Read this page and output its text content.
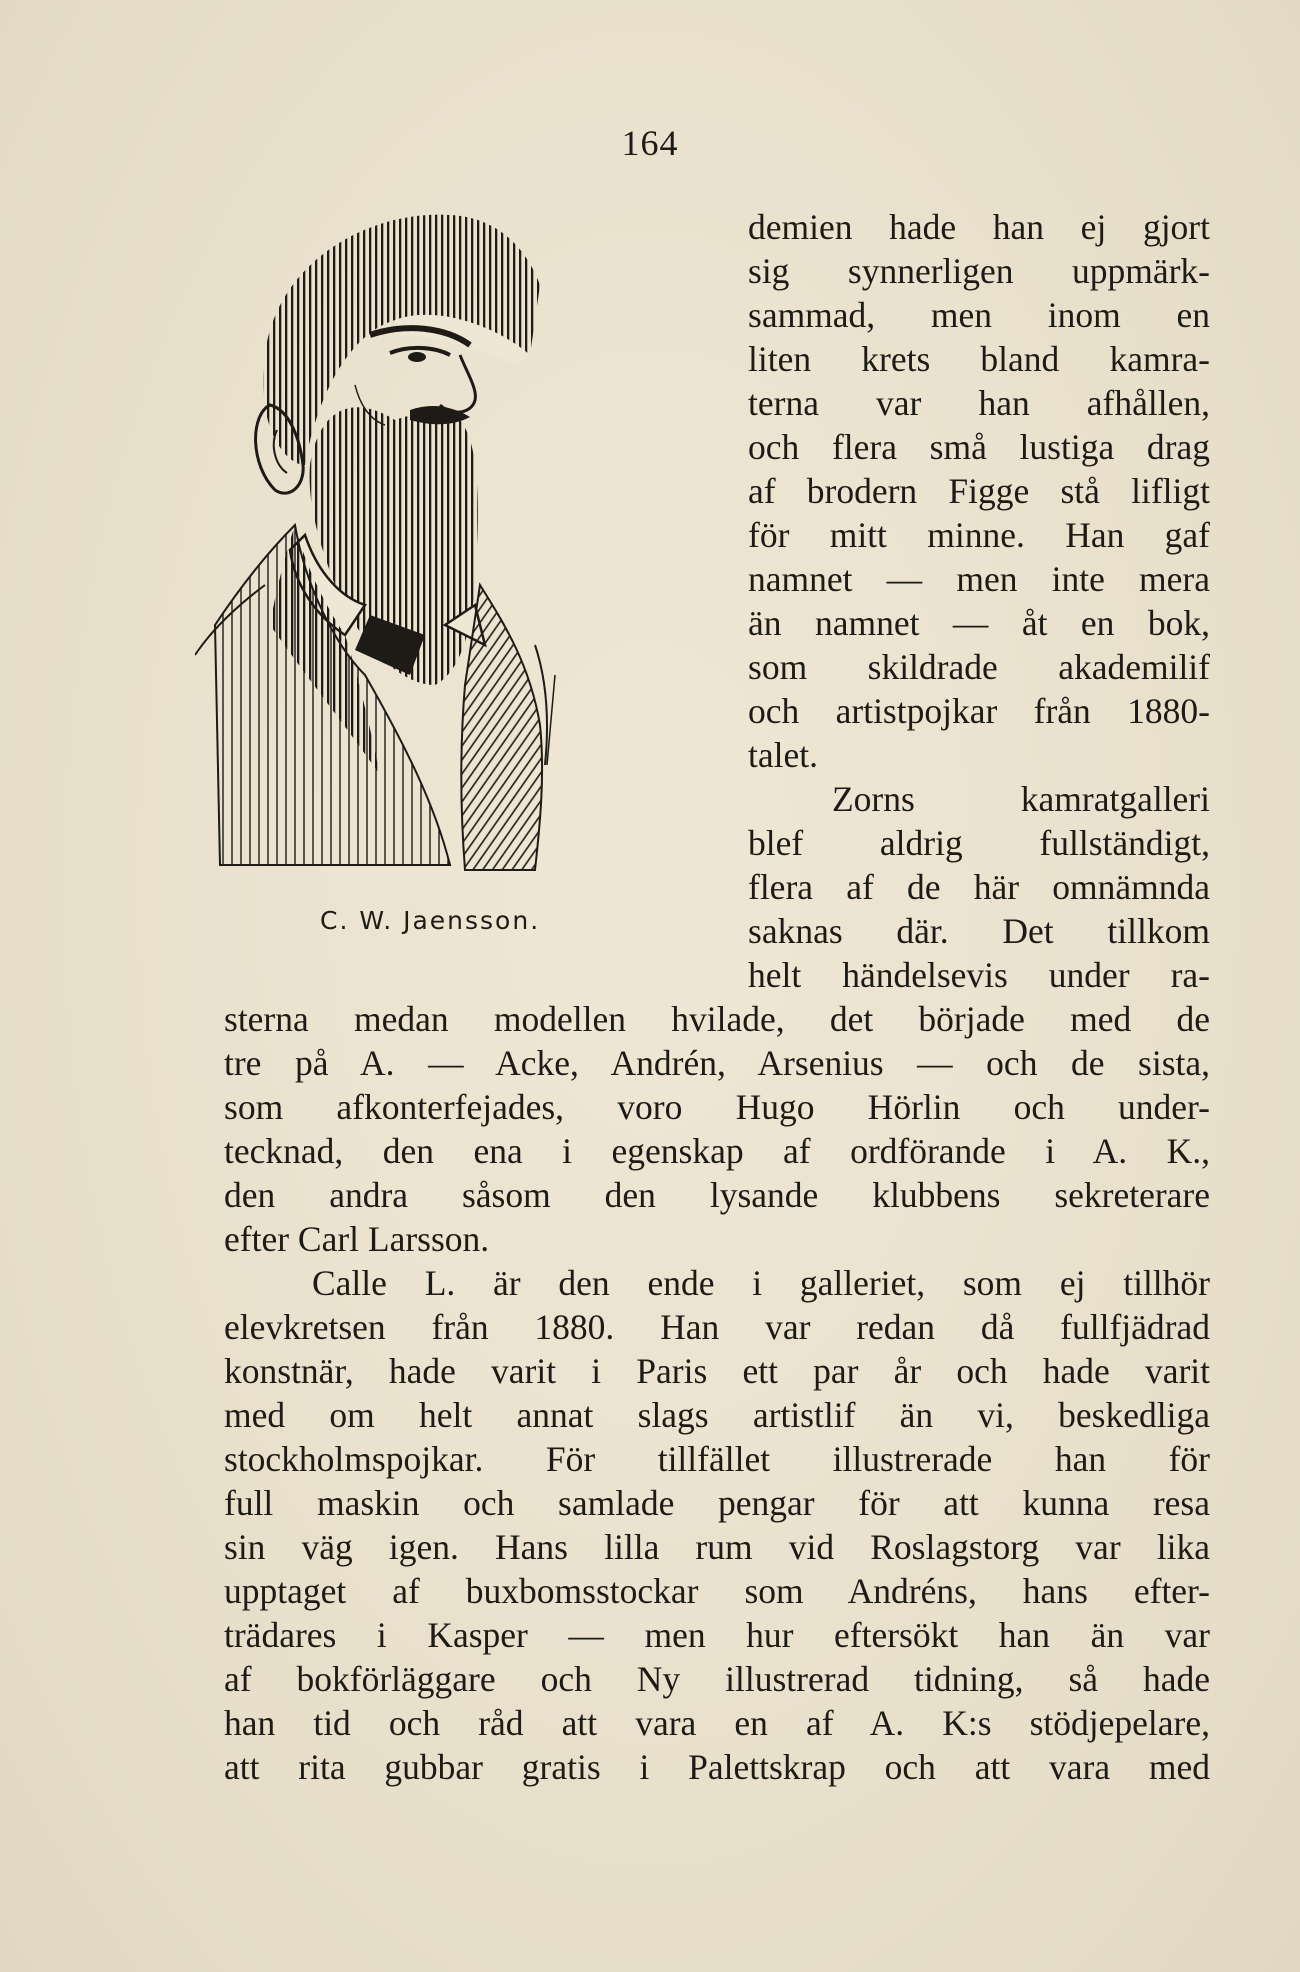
164
C. W. Jaensson.
demien hade han ej gjort
sig synnerligen uppmärk-
sammad, men inom en
liten krets bland kamra-
terna var han afhållen,
och flera små lustiga drag
af brodern Figge stå lifligt
för mitt minne. Han gaf
namnet — men inte mera
än namnet — åt en bok,
som skildrade akademilif
och artistpojkar från 1880-
talet.
Zorns kamratgalleri
blef aldrig fullständigt,
flera af de här omnämnda
saknas där. Det tillkom
helt händelsevis under ra-
sterna medan modellen hvilade, det började med de
tre på A. — Acke, Andrén, Arsenius — och de sista,
som afkonterfejades, voro Hugo Hörlin och under-
tecknad, den ena i egenskap af ordförande i A. K.,
den andra såsom den lysande klubbens sekreterare
efter Carl Larsson.
Calle L. är den ende i galleriet, som ej tillhör
elevkretsen från 1880. Han var redan då fullfjädrad
konstnär, hade varit i Paris ett par år och hade varit
med om helt annat slags artistlif än vi, beskedliga
stockholmspojkar. För tillfället illustrerade han för
full maskin och samlade pengar för att kunna resa
sin väg igen. Hans lilla rum vid Roslagstorg var lika
upptaget af buxbomsstockar som Andréns, hans efter-
trädares i Kasper — men hur eftersökt han än var
af bokförläggare och Ny illustrerad tidning, så hade
han tid och råd att vara en af A. K:s stödjepelare,
att rita gubbar gratis i Palettskrap och att vara med
